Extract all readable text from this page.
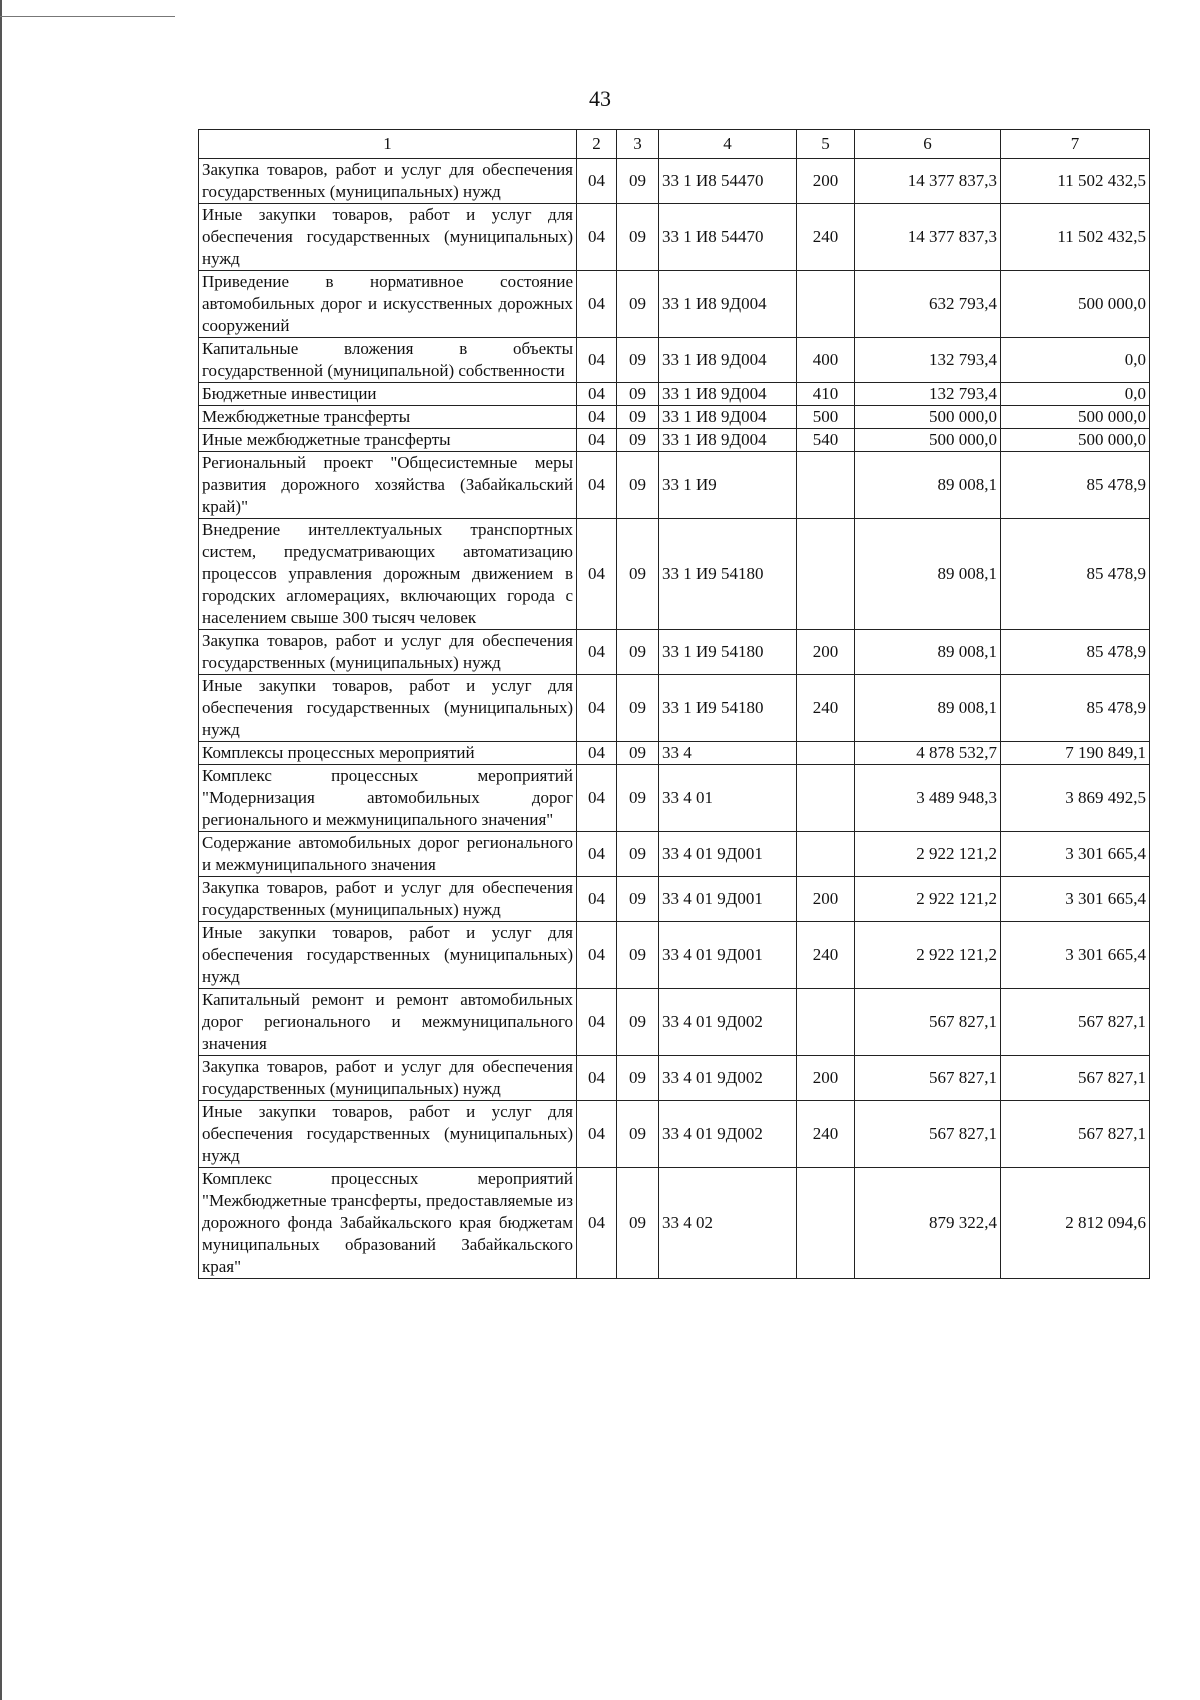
43
1	2	3	4	5	6	7
Закупка товаров, работ и услуг для обеспечения государственных (муниципальных) нужд	04	09	33 1 И8 54470	200	14 377 837,3	11 502 432,5
Иные закупки товаров, работ и услуг для обеспечения государственных (муниципальных) нужд	04	09	33 1 И8 54470	240	14 377 837,3	11 502 432,5
Приведение в нормативное состояние автомобильных дорог и искусственных дорожных сооружений	04	09	33 1 И8 9Д004		632 793,4	500 000,0
Капитальные вложения в объекты государственной (муниципальной) собственности	04	09	33 1 И8 9Д004	400	132 793,4	0,0
Бюджетные инвестиции	04	09	33 1 И8 9Д004	410	132 793,4	0,0
Межбюджетные трансферты	04	09	33 1 И8 9Д004	500	500 000,0	500 000,0
Иные межбюджетные трансферты	04	09	33 1 И8 9Д004	540	500 000,0	500 000,0
Региональный проект "Общесистемные меры развития дорожного хозяйства (Забайкальский край)"	04	09	33 1 И9		89 008,1	85 478,9
Внедрение интеллектуальных транспортных систем, предусматривающих автоматизацию процессов управления дорожным движением в городских агломерациях, включающих города с населением свыше 300 тысяч человек	04	09	33 1 И9 54180		89 008,1	85 478,9
Закупка товаров, работ и услуг для обеспечения государственных (муниципальных) нужд	04	09	33 1 И9 54180	200	89 008,1	85 478,9
Иные закупки товаров, работ и услуг для обеспечения государственных (муниципальных) нужд	04	09	33 1 И9 54180	240	89 008,1	85 478,9
Комплексы процессных мероприятий	04	09	33 4		4 878 532,7	7 190 849,1
Комплекс процессных мероприятий "Модернизация автомобильных дорог регионального и межмуниципального значения"	04	09	33 4 01		3 489 948,3	3 869 492,5
Содержание автомобильных дорог регионального и межмуниципального значения	04	09	33 4 01 9Д001		2 922 121,2	3 301 665,4
Закупка товаров, работ и услуг для обеспечения государственных (муниципальных) нужд	04	09	33 4 01 9Д001	200	2 922 121,2	3 301 665,4
Иные закупки товаров, работ и услуг для обеспечения государственных (муниципальных) нужд	04	09	33 4 01 9Д001	240	2 922 121,2	3 301 665,4
Капитальный ремонт и ремонт автомобильных дорог регионального и межмуниципального значения	04	09	33 4 01 9Д002		567 827,1	567 827,1
Закупка товаров, работ и услуг для обеспечения государственных (муниципальных) нужд	04	09	33 4 01 9Д002	200	567 827,1	567 827,1
Иные закупки товаров, работ и услуг для обеспечения государственных (муниципальных) нужд	04	09	33 4 01 9Д002	240	567 827,1	567 827,1
Комплекс процессных мероприятий "Межбюджетные трансферты, предоставляемые из дорожного фонда Забайкальского края бюджетам муниципальных образований Забайкальского края"	04	09	33 4 02		879 322,4	2 812 094,6
